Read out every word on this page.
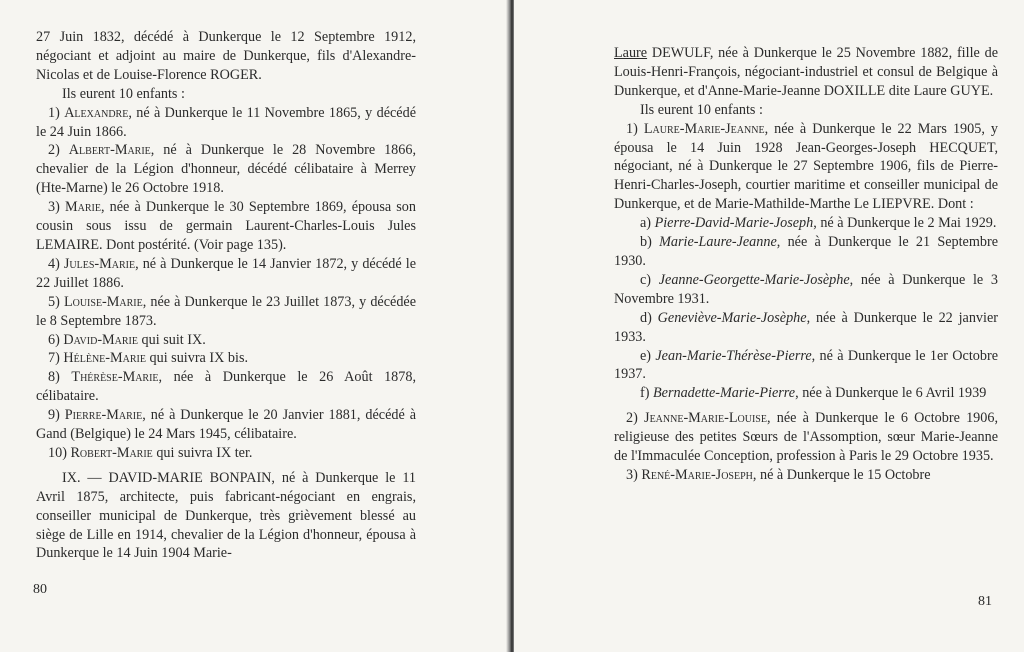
27 Juin 1832, décédé à Dunkerque le 12 Septembre 1912, négociant et adjoint au maire de Dunkerque, fils d'Alexandre-Nicolas et de Louise-Florence ROGER.

Ils eurent 10 enfants :

1) Alexandre, né à Dunkerque le 11 Novembre 1865, y décédé le 24 Juin 1866.

2) Albert-Marie, né à Dunkerque le 28 Novembre 1866, chevalier de la Légion d'honneur, décédé célibataire à Merrey (Hte-Marne) le 26 Octobre 1918.

3) Marie, née à Dunkerque le 30 Septembre 1869, épousa son cousin sous issu de germain Laurent-Charles-Louis Jules LEMAIRE. Dont postérité. (Voir page 135).

4) Jules-Marie, né à Dunkerque le 14 Janvier 1872, y décédé le 22 Juillet 1886.

5) Louise-Marie, née à Dunkerque le 23 Juillet 1873, y décédée le 8 Septembre 1873.

6) David-Marie qui suit IX.

7) Hélène-Marie qui suivra IX bis.

8) Thérèse-Marie, née à Dunkerque le 26 Août 1878, célibataire.

9) Pierre-Marie, né à Dunkerque le 20 Janvier 1881, décédé à Gand (Belgique) le 24 Mars 1945, célibataire.

10) Robert-Marie qui suivra IX ter.

IX. — DAVID-MARIE BONPAIN, né à Dunkerque le 11 Avril 1875, architecte, puis fabricant-négociant en engrais, conseiller municipal de Dunkerque, très grièvement blessé au siège de Lille en 1914, chevalier de la Légion d'honneur, épousa à Dunkerque le 14 Juin 1904 Marie-

80

Laure DEWULF, née à Dunkerque le 25 Novembre 1882, fille de Louis-Henri-François, négociant-industriel et consul de Belgique à Dunkerque, et d'Anne-Marie-Jeanne DOXILLE dite Laure GUYE.

Ils eurent 10 enfants :

1) Laure-Marie-Jeanne, née à Dunkerque le 22 Mars 1905, y épousa le 14 Juin 1928 Jean-Georges-Joseph HECQUET, négociant, né à Dunkerque le 27 Septembre 1906, fils de Pierre-Henri-Charles-Joseph, courtier maritime et conseiller municipal de Dunkerque, et de Marie-Mathilde-Marthe Le LIEPVRE. Dont :

a) Pierre-David-Marie-Joseph, né à Dunkerque le 2 Mai 1929.

b) Marie-Laure-Jeanne, née à Dunkerque le 21 Septembre 1930.

c) Jeanne-Georgette-Marie-Josèphe, née à Dunkerque le 3 Novembre 1931.

d) Geneviève-Marie-Josèphe, née à Dunkerque le 22 janvier 1933.

e) Jean-Marie-Thérèse-Pierre, né à Dunkerque le 1er Octobre 1937.

f) Bernadette-Marie-Pierre, née à Dunkerque le 6 Avril 1939

2) Jeanne-Marie-Louise, née à Dunkerque le 6 Octobre 1906, religieuse des petites Sœurs de l'Assomption, sœur Marie-Jeanne de l'Immaculée Conception, profession à Paris le 29 Octobre 1935.

3) René-Marie-Joseph, né à Dunkerque le 15 Octobre

81
